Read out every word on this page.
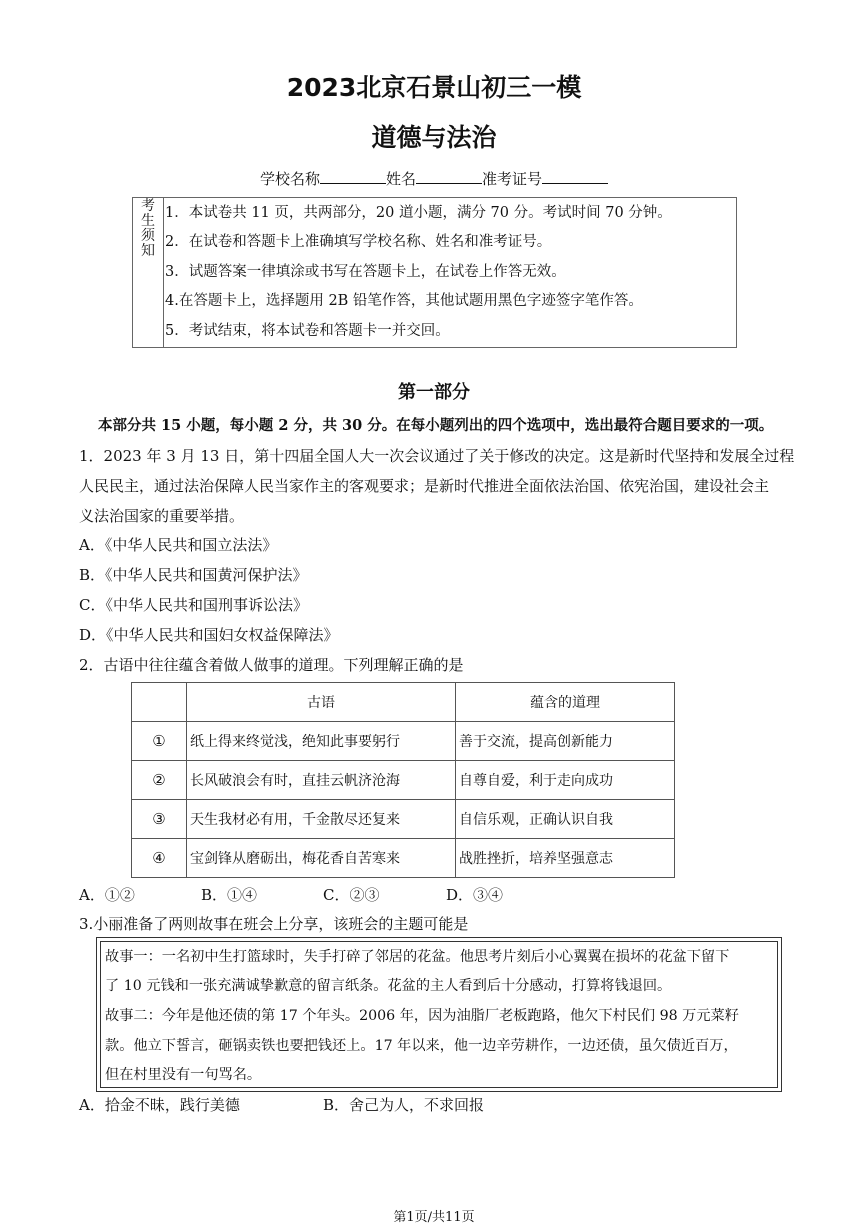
2023北京石景山初三一模
道德与法治
学校名称	姓名	准考证号
考
生
须
知
1．本试卷共 11 页，共两部分，20 道小题，满分 70 分。考试时间 70 分钟。
2．在试卷和答题卡上准确填写学校名称、姓名和准考证号。
3．试题答案一律填涂或书写在答题卡上，在试卷上作答无效。
4.在答题卡上，选择题用 2B 铅笔作答，其他试题用黑色字迹签字笔作答。
5．考试结束，将本试卷和答题卡一并交回。
第一部分
本部分共 15 小题，每小题 2 分，共 30 分。在每小题列出的四个选项中，选出最符合题目要求的一项。
1．2023 年 3 月 13 日，第十四届全国人大一次会议通过了关于修改的决定。这是新时代坚持和发展全过程
人民民主，通过法治保障人民当家作主的客观要求；是新时代推进全面依法治国、依宪治国，建设社会主
义法治国家的重要举措。
A．《中华人民共和国立法法》
B．《中华人民共和国黄河保护法》
C．《中华人民共和国刑事诉讼法》
D．《中华人民共和国妇女权益保障法》
2．古语中往往蕴含着做人做事的道理。下列理解正确的是
	古语	蕴含的道理
①	纸上得来终觉浅，绝知此事要躬行	善于交流，提高创新能力
②	长风破浪会有时，直挂云帆济沧海	自尊自爱，利于走向成功
③	天生我材必有用，千金散尽还复来	自信乐观，正确认识自我
④	宝剑锋从磨砺出，梅花香自苦寒来	战胜挫折，培养坚强意志
A．①②	B．①④	C．②③	D．③④
3.小丽准备了两则故事在班会上分享，该班会的主题可能是
故事一：一名初中生打篮球时，失手打碎了邻居的花盆。他思考片刻后小心翼翼在损坏的花盆下留下
了 10 元钱和一张充满诚挚歉意的留言纸条。花盆的主人看到后十分感动，打算将钱退回。
故事二：今年是他还债的第 17 个年头。2006 年，因为油脂厂老板跑路，他欠下村民们 98 万元菜籽
款。他立下誓言，砸锅卖铁也要把钱还上。17 年以来，他一边辛劳耕作，一边还债，虽欠债近百万，
但在村里没有一句骂名。
A．拾金不昧，践行美德	B．舍己为人，不求回报
第1页/共11页
